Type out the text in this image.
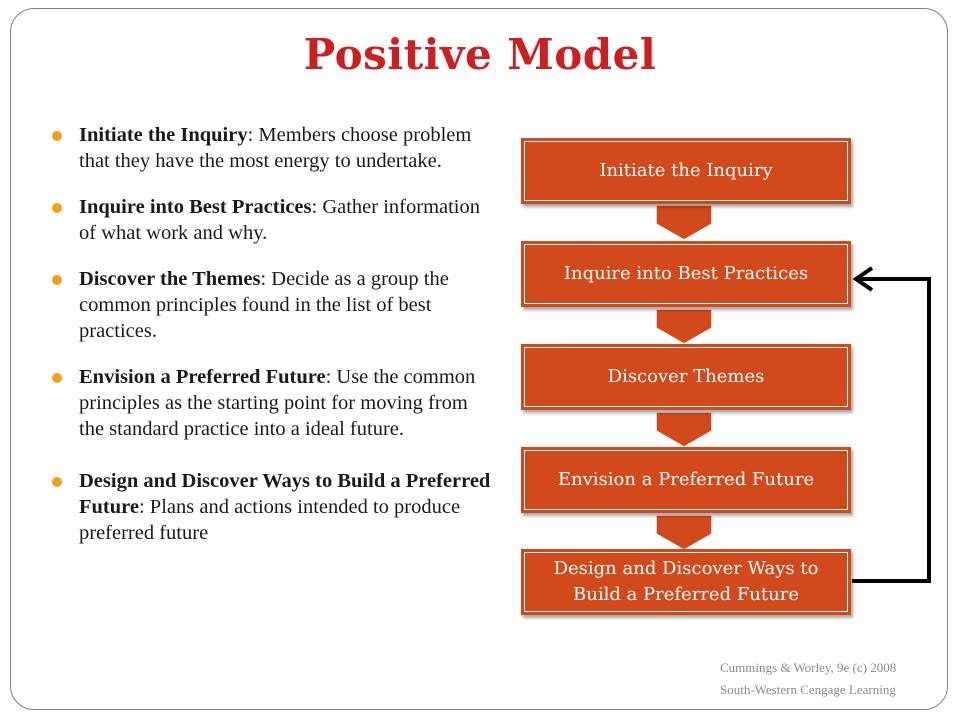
Positive Model
Initiate the Inquiry: Members choose problem that they have the most energy to undertake.
Inquire into Best Practices: Gather information of what work and why.
Discover the Themes: Decide as a group the common principles found in the list of best practices.
Envision a Preferred Future: Use the common principles as the starting point for moving from the standard practice into a ideal future.
Design and Discover Ways to Build a Preferred Future: Plans and actions intended to produce preferred future
Initiate the Inquiry
Inquire into Best Practices
Discover Themes
Envision a Preferred Future
Design and Discover Ways to Build a Preferred Future
Cummings & Worley, 9e (c) 2008
South-Western Cengage Learning
